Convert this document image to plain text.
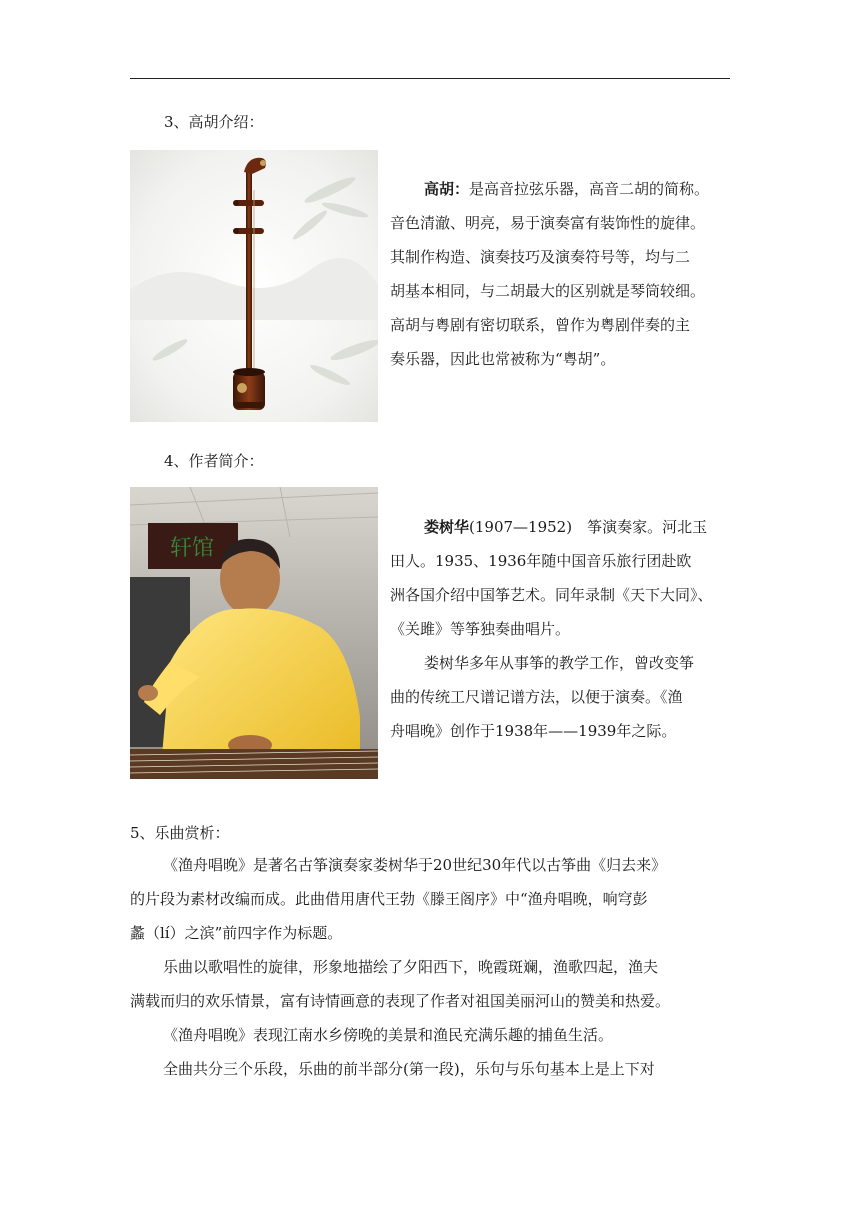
3、高胡介绍：
高胡：是高音拉弦乐器，高音二胡的简称。
音色清澈、明亮，易于演奏富有装饰性的旋律。
其制作构造、演奏技巧及演奏符号等，均与二
胡基本相同，与二胡最大的区别就是琴筒较细。
高胡与粤剧有密切联系，曾作为粤剧伴奏的主
奏乐器，因此也常被称为“粤胡”。
4、作者简介：
轩馆
娄树华(1907—1952)　筝演奏家。河北玉
田人。1935、1936年随中国音乐旅行团赴欧
洲各国介绍中国筝艺术。同年录制《天下大同》、
《关雎》等筝独奏曲唱片。
娄树华多年从事筝的教学工作，曾改变筝
曲的传统工尺谱记谱方法，以便于演奏。《渔
舟唱晚》创作于1938年——1939年之际。
5、乐曲赏析：
《渔舟唱晚》是著名古筝演奏家娄树华于20世纪30年代以古筝曲《归去来》
的片段为素材改编而成。此曲借用唐代王勃《滕王阁序》中“渔舟唱晚，响穹彭
蠡（lí）之滨”前四字作为标题。
乐曲以歌唱性的旋律，形象地描绘了夕阳西下，晚霞斑斓，渔歌四起，渔夫
满载而归的欢乐情景，富有诗情画意的表现了作者对祖国美丽河山的赞美和热爱。
《渔舟唱晚》表现江南水乡傍晚的美景和渔民充满乐趣的捕鱼生活。
全曲共分三个乐段，乐曲的前半部分(第一段)，乐句与乐句基本上是上下对
